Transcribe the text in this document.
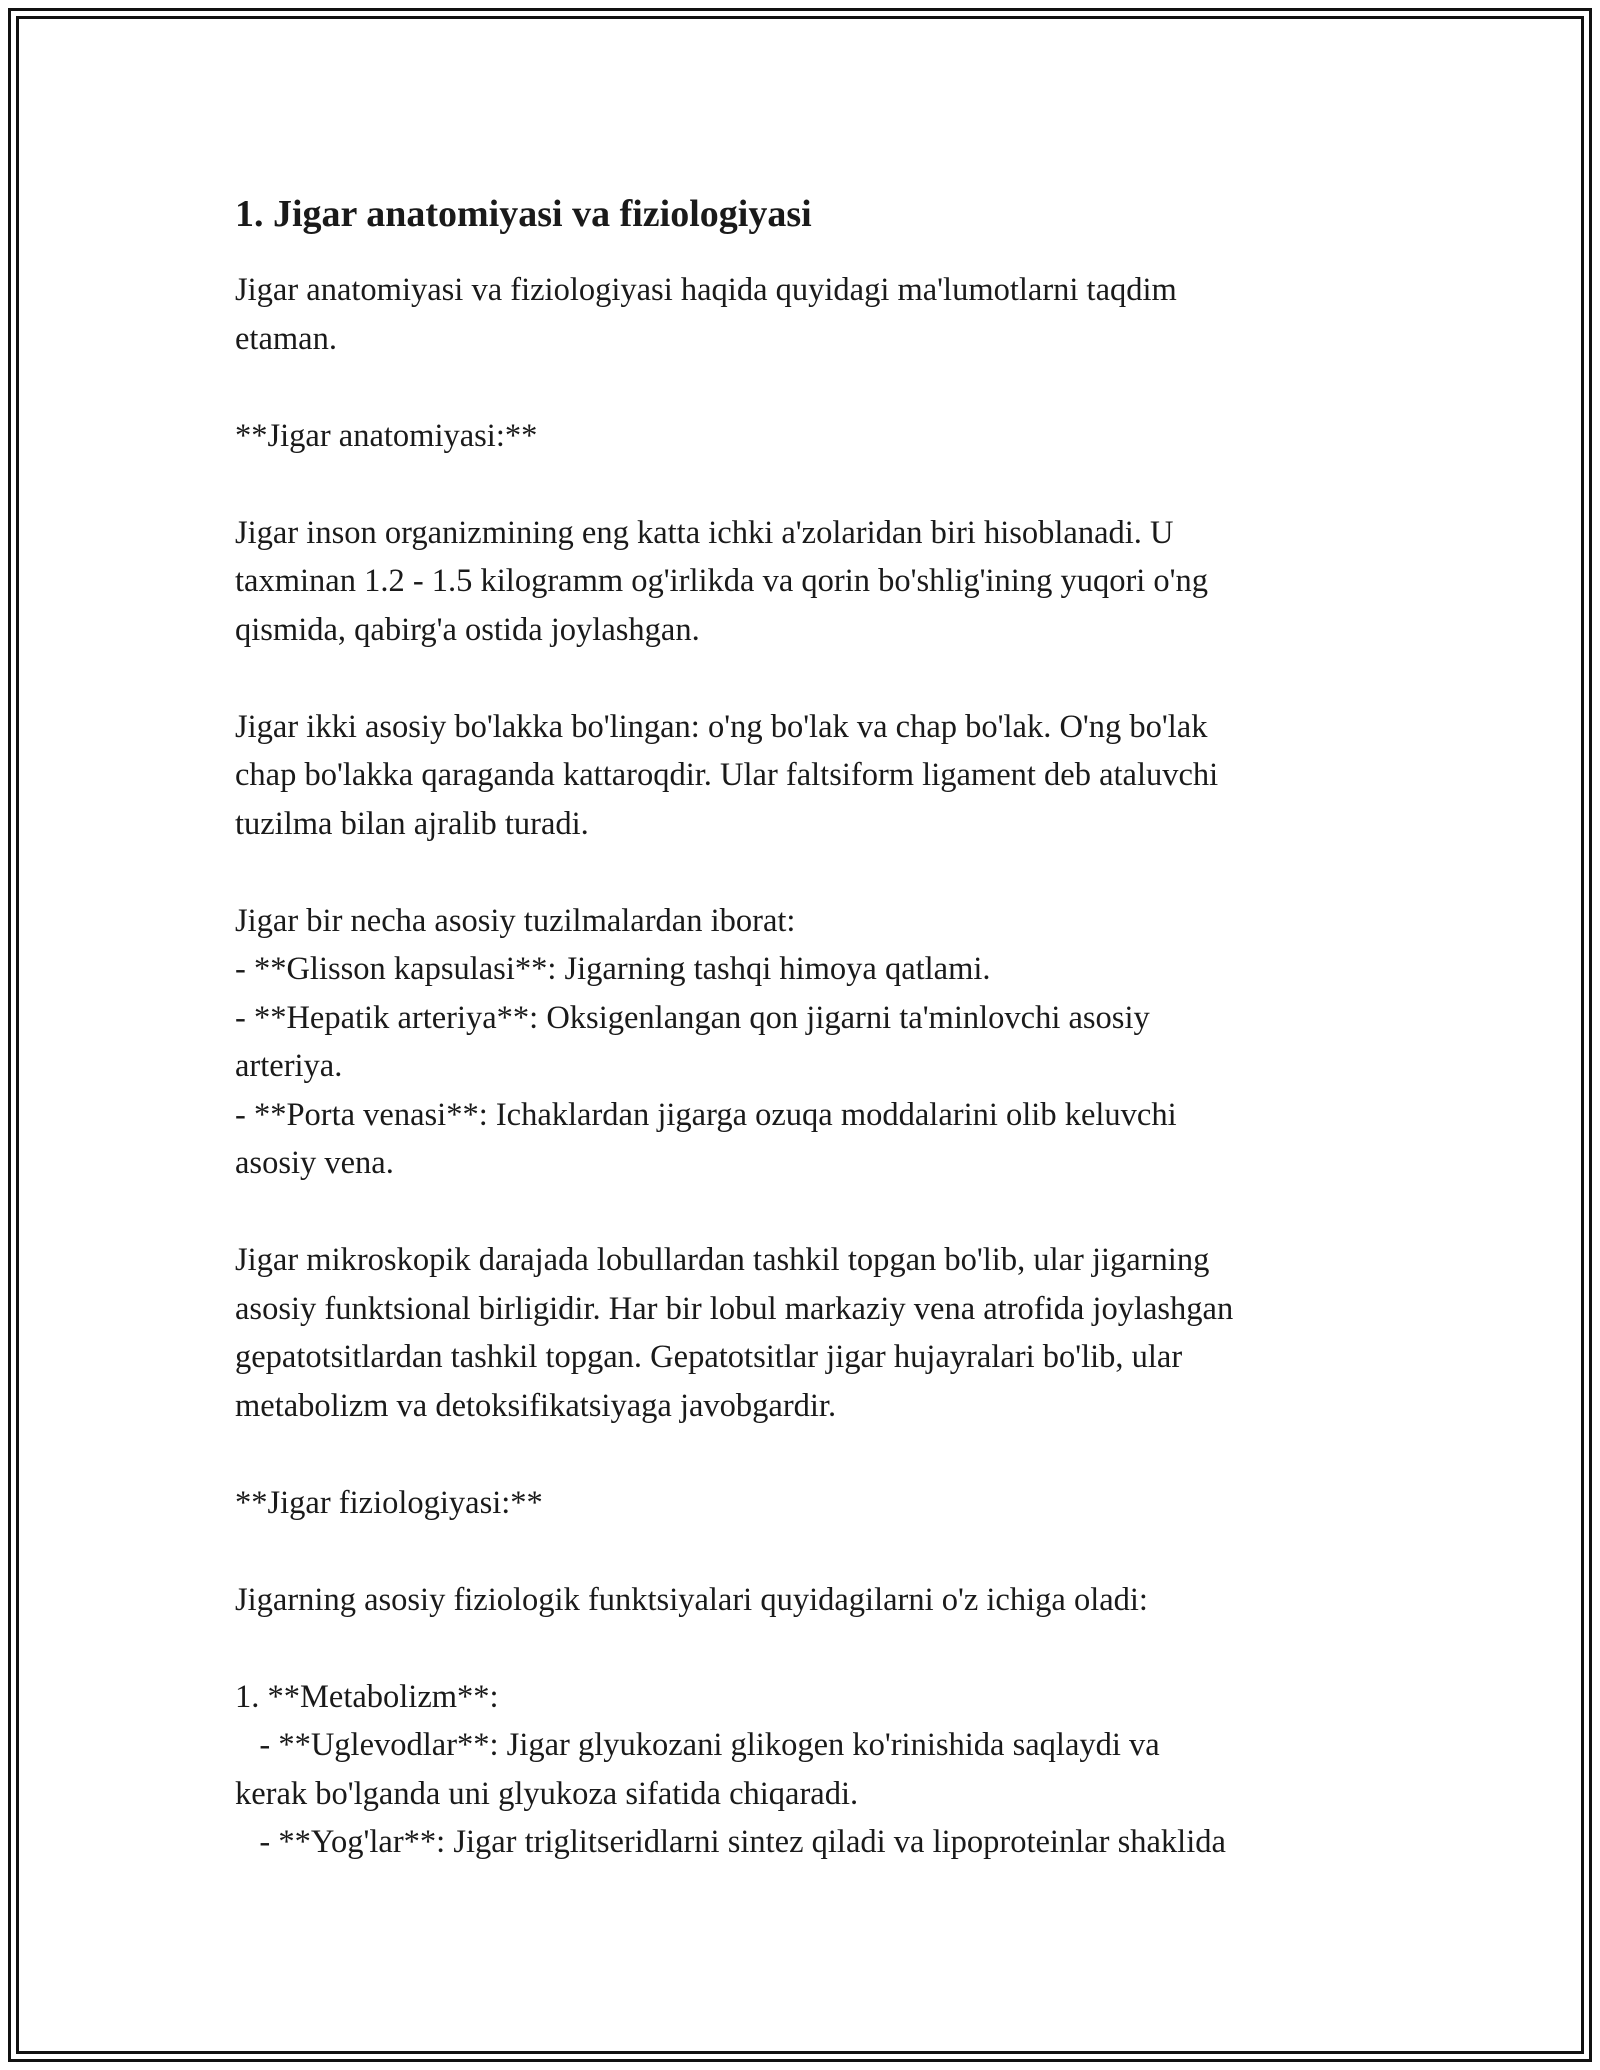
1. Jigar anatomiyasi va fiziologiyasi

Jigar anatomiyasi va fiziologiyasi haqida quyidagi ma'lumotlarni taqdim
etaman.

**Jigar anatomiyasi:**

Jigar inson organizmining eng katta ichki a'zolaridan biri hisoblanadi. U
taxminan 1.2 - 1.5 kilogramm og'irlikda va qorin bo'shlig'ining yuqori o'ng
qismida, qabirg'a ostida joylashgan.

Jigar ikki asosiy bo'lakka bo'lingan: o'ng bo'lak va chap bo'lak. O'ng bo'lak
chap bo'lakka qaraganda kattaroqdir. Ular faltsiform ligament deb ataluvchi
tuzilma bilan ajralib turadi.

Jigar bir necha asosiy tuzilmalardan iborat:
- **Glisson kapsulasi**: Jigarning tashqi himoya qatlami.
- **Hepatik arteriya**: Oksigenlangan qon jigarni ta'minlovchi asosiy
arteriya.
- **Porta venasi**: Ichaklardan jigarga ozuqa moddalarini olib keluvchi
asosiy vena.

Jigar mikroskopik darajada lobullardan tashkil topgan bo'lib, ular jigarning
asosiy funktsional birligidir. Har bir lobul markaziy vena atrofida joylashgan
gepatotsitlardan tashkil topgan. Gepatotsitlar jigar hujayralari bo'lib, ular
metabolizm va detoksifikatsiyaga javobgardir.

**Jigar fiziologiyasi:**

Jigarning asosiy fiziologik funktsiyalari quyidagilarni o'z ichiga oladi:

1. **Metabolizm**:
- **Uglevodlar**: Jigar glyukozani glikogen ko'rinishida saqlaydi va
kerak bo'lganda uni glyukoza sifatida chiqaradi.
- **Yog'lar**: Jigar triglitseridlarni sintez qiladi va lipoproteinlar shaklida
